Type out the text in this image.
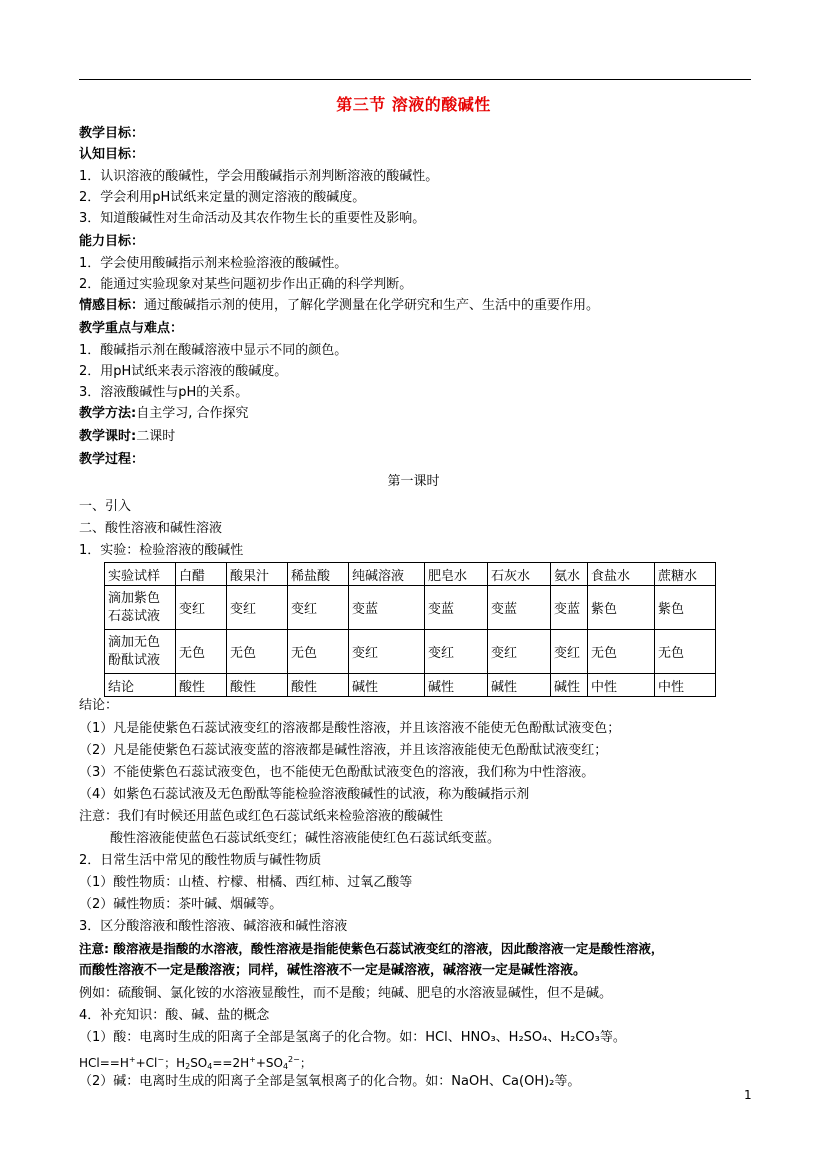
第三节 溶液的酸碱性
教学目标：
认知目标：
1．认识溶液的酸碱性，学会用酸碱指示剂判断溶液的酸碱性。
2．学会利用pH试纸来定量的测定溶液的酸碱度。
3．知道酸碱性对生命活动及其农作物生长的重要性及影响。
能力目标：
1．学会使用酸碱指示剂来检验溶液的酸碱性。
2．能通过实验现象对某些问题初步作出正确的科学判断。
情感目标：通过酸碱指示剂的使用，了解化学测量在化学研究和生产、生活中的重要作用。
教学重点与难点：
1．酸碱指示剂在酸碱溶液中显示不同的颜色。
2．用pH试纸来表示溶液的酸碱度。
3．溶液酸碱性与pH的关系。
教学方法:自主学习, 合作探究
教学课时:二课时
教学过程：
第一课时
一、引入
二、酸性溶液和碱性溶液
1．实验：检验溶液的酸碱性
实验试样	白醋	酸果汁	稀盐酸	纯碱溶液	肥皂水	石灰水	氨水	食盐水	蔗糖水
滴加紫色石蕊试液	变红	变红	变红	变蓝	变蓝	变蓝	变蓝	紫色	紫色
滴加无色酚酞试液	无色	无色	无色	变红	变红	变红	变红	无色	无色
结论	酸性	酸性	酸性	碱性	碱性	碱性	碱性	中性	中性
结论：
（1）凡是能使紫色石蕊试液变红的溶液都是酸性溶液，并且该溶液不能使无色酚酞试液变色；
（2）凡是能使紫色石蕊试液变蓝的溶液都是碱性溶液，并且该溶液能使无色酚酞试液变红；
（3）不能使紫色石蕊试液变色，也不能使无色酚酞试液变色的溶液，我们称为中性溶液。
（4）如紫色石蕊试液及无色酚酞等能检验溶液酸碱性的试液，称为酸碱指示剂
注意：我们有时候还用蓝色或红色石蕊试纸来检验溶液的酸碱性
酸性溶液能使蓝色石蕊试纸变红；碱性溶液能使红色石蕊试纸变蓝。
2．日常生活中常见的酸性物质与碱性物质
（1）酸性物质：山楂、柠檬、柑橘、西红柿、过氧乙酸等
（2）碱性物质：茶叶碱、烟碱等。
3．区分酸溶液和酸性溶液、碱溶液和碱性溶液
注意: 酸溶液是指酸的水溶液，酸性溶液是指能使紫色石蕊试液变红的溶液，因此酸溶液一定是酸性溶液，
而酸性溶液不一定是酸溶液；同样，碱性溶液不一定是碱溶液，碱溶液一定是碱性溶液。
例如：硫酸铜、氯化铵的水溶液显酸性，而不是酸；纯碱、肥皂的水溶液显碱性，但不是碱。
4．补充知识：酸、碱、盐的概念
（1）酸：电离时生成的阳离子全部是氢离子的化合物。如：HCl、HNO₃、H₂SO₄、H₂CO₃等。
HCl==H++Cl−；$H_2SO_4==2H^++SO_4^{2-}$；
（2）碱：电离时生成的阳离子全部是氢氧根离子的化合物。如：NaOH、Ca(OH)₂等。
1
